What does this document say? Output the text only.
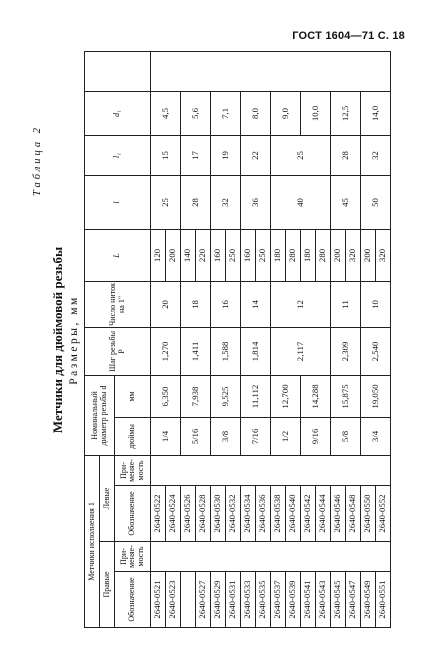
ГОСТ 1604—71 С. 18
Таблица 2
Метчики для дюймовой резьбы Размеры, мм
Метчики исполнения 1				Номинальный диаметр резьбы d		Шаг резьбы P	Число ниток на 1"	L	l	l₁	d₁	
Правые		Левые										
Обозначение	При-меняе-мость	Обозначение	При-меняе-мость	дюймы	мм							
2640-0521		2640-0522		1/4	6,350	1,270	20	120	25	15	4,5	
2640-0523		2640-0524						200				
		2640-0526		5/16	7,938	1,411	18	140	28	17	5,6	
2640-0527		2640-0528						220				
2640-0529		2640-0530		3/8	9,525	1,588	16	160	32	19	7,1	
2640-0531		2640-0532						250				
2640-0533		2640-0534		7/16	11,112	1,814	14	160	36	22	8,0	
2640-0535		2640-0536						250				
2640-0537		2640-0538		1/2	12,700	2,117	12	180	40	25	9,0	
2640-0539		2640-0540						280				
2640-0541		2640-0542		9/16	14,288			180			10,0	
2640-0543		2640-0544						280				
2640-0545		2640-0546		5/8	15,875	2,309	11	200	45	28	12,5	
2640-0547		2640-0548						320				
2640-0549		2640-0550		3/4	19,050	2,540	10	200	50	32	14,0	
2640-0551		2640-0552						320				
